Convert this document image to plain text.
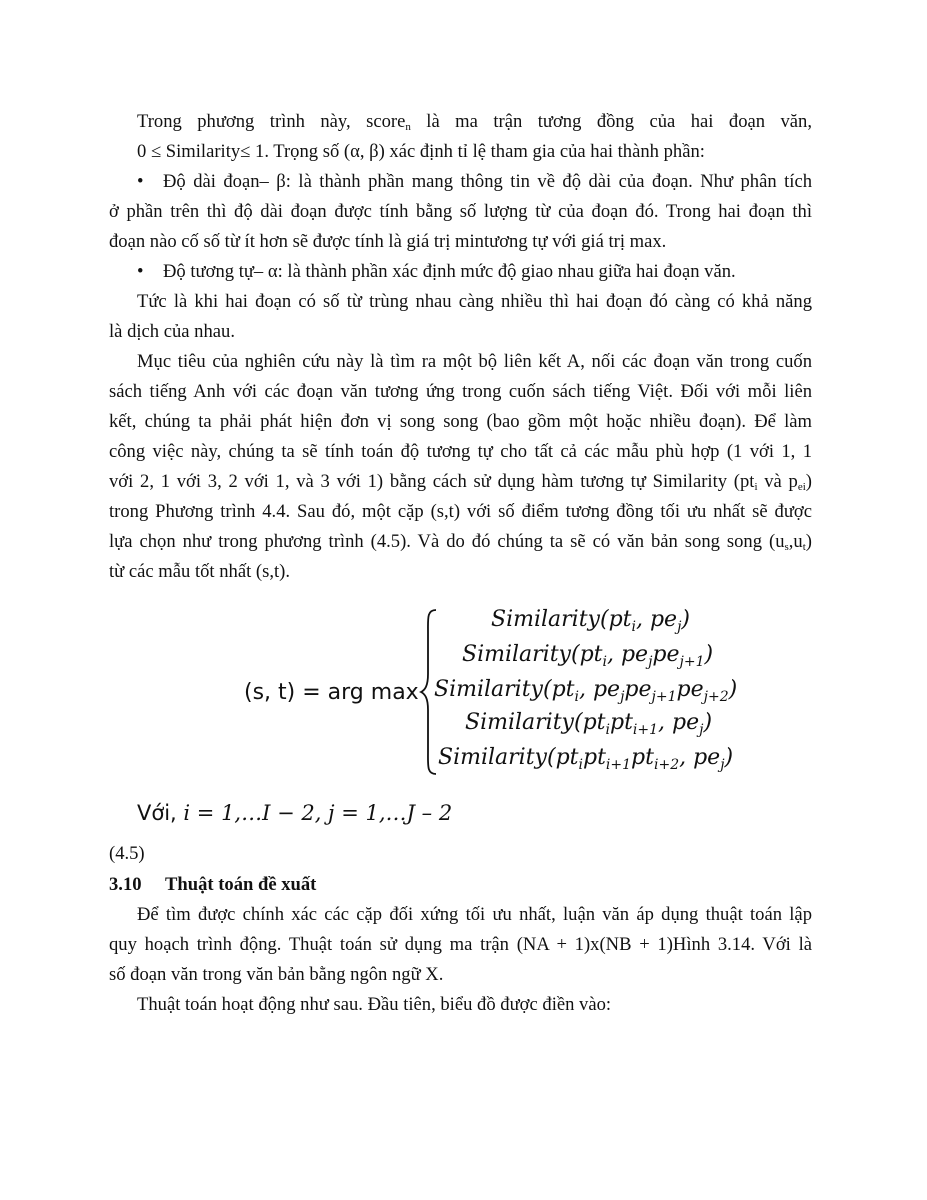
Trong phương trình này, score$_n$ là ma trận tương đồng của hai đoạn văn,
0 ≤ Similarity≤ 1. Trọng số (α, β) xác định tỉ lệ tham gia của hai thành phần:
• Độ dài đoạn– β: là thành phần mang thông tin về độ dài của đoạn. Như phân tích
ở phần trên thì độ dài đoạn được tính bằng số lượng từ của đoạn đó. Trong hai đoạn thì
đoạn nào cố số từ ít hơn sẽ được tính là giá trị mintương tự với giá trị max.
• Độ tương tự– α: là thành phần xác định mức độ giao nhau giữa hai đoạn văn.
Tức là khi hai đoạn có số từ trùng nhau càng nhiều thì hai đoạn đó càng có khả năng
là dịch của nhau.
Mục tiêu của nghiên cứu này là tìm ra một bộ liên kết A, nối các đoạn văn trong cuốn
sách tiếng Anh với các đoạn văn tương ứng trong cuốn sách tiếng Việt. Đối với mỗi liên
kết, chúng ta phải phát hiện đơn vị song song (bao gồm một hoặc nhiều đoạn). Để làm
công việc này, chúng ta sẽ tính toán độ tương tự cho tất cả các mẫu phù hợp (1 với 1, 1
với 2, 1 với 3, 2 với 1, và 3 với 1) bằng cách sử dụng hàm tương tự Similarity ($pt_i$ và $p_{ei}$)
trong Phương trình 4.4. Sau đó, một cặp (s,t) với số điểm tương đồng tối ưu nhất sẽ được
lựa chọn như trong phương trình (4.5). Và do đó chúng ta sẽ có văn bản song song $(u_s,u_t)$
từ các mẫu tốt nhất (s,t).
(s, t) = arg max
$Similarity(pt_i$, $pe_j$)
$Similarity(pt_i$, $pe_jpe_{j+1}$)
$Similarity(pt_i$, $pe_jpe_{j+1}pe_{j+2}$)
$Similarity(pt_ipt_{i+1}$, $pe_j$)
$Similarity(pt_ipt_{i+1}pt_{i+2}$, $pe_j$)
Với, i = 1,…I − 2, j = 1,…J – 2
(4.5)
3.10 Thuật toán đề xuất
Để tìm được chính xác các cặp đối xứng tối ưu nhất, luận văn áp dụng thuật toán lập
quy hoạch trình động. Thuật toán sử dụng ma trận (NA + 1)x(NB + 1)Hình 3.14. Với là
số đoạn văn trong văn bản bằng ngôn ngữ X.
Thuật toán hoạt động như sau. Đầu tiên, biểu đồ được điền vào:
